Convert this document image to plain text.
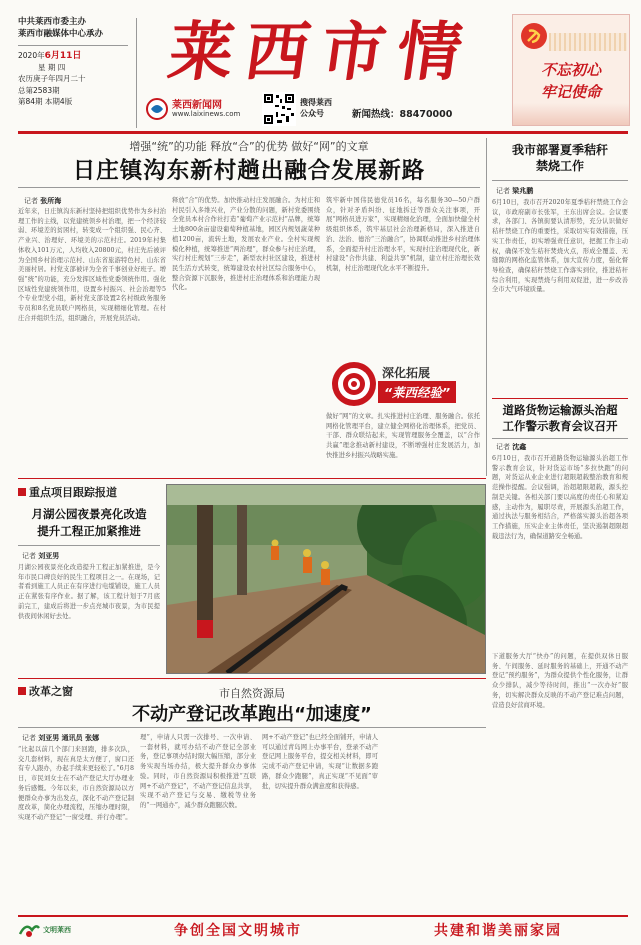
中共莱西市委主办
莱西市融媒体中心承办
2020年6月11日
星 期 四
农历庚子年四月二十
总第2583期
第84期 本期4版
莱西市情
莱西新闻网
www.laixinews.com
搜得莱西
公众号	新闻热线：88470000
不忘初心
牢记使命
增强“统”的功能 释放“合”的优势 做好“网”的文章
日庄镇沟东新村趟出融合发展新路
记者 张所海
近年来，日庄镇沟东新村坚持把组织优势作为乡村治理工作的主线，以党建统领乡村治理，把一个经济较弱、环境差的贫困村，转变成一个组织强、民心齐、产业兴、治理好、环境美的示范村庄。2019年村集体收入101万元，人均收入20800元，村庄先后被评为全国乡村治理示范村、山东省旅游特色村、山东省美丽村居。村党支部被评为全省千事创业好班子。增强“统”的功能，充分发挥区域性党委领统作用。强化区域性党建统领作用，设置乡村振兴、社会治理等5个专业型党小组，新村党支部设置2名村级政务服务专员和8名党员联户网格员，实现精细化管理。在村庄合并组织生活，组织融合，开展党员活动。
释放“合”的优势。加快推动村庄发展融合。为村庄和村民引入多维兴业，产业分散的问题，新村党委围绕全党员本村合作社打造“葡萄产业示范村”品牌，统筹土地800余亩建设葡萄种植基地，园区内规划蔬菜种植1200亩，流转土地，发展农业产业。全村实现规模化种植，统筹推进“两治理”，群众参与村庄治理，实行村庄规划“三步走”，新型农村社区建设，推进村民生活方式转变，统筹建设农村社区综合服务中心，整合资源下沉服务，推进村庄治理体系和治理能力现代化。
筑牢新中国伟民德党员16名，每名服务30—50户群众，针对矛盾纠纷、征地拆迁等群众关注事项，开展“网格员进万家”，实现精细化治理，全面加快健全村级组织体系，筑牢基层社会治理新格局，深入推进自治、法治、德治“三治融合”，协调联动推进乡村治理体系，全面提升村庄治理水平，实现村庄治理现代化，新村建设“合作共建、利益共享”机制，建立村庄治理长效机制，村庄治理现代化水平不断提升。
深化拓展
“莱西经验”
做好“网”的文章。扎实推进村庄治理、服务融合。依托网格化管理平台，建立健全网格化治理体系，把党员、干部、群众联结起来，实现管理服务全覆盖，以“合作共赢”理念推动新村建设，不断增强村庄发展活力，加快推进乡村振兴战略实施。
我市部署夏季秸秆
禁烧工作
记者 梁兆鹏
6月10日，我市召开2020年夏季秸秆禁烧工作会议，市政府副市长张军，王东出席会议。会议要求，各部门、各镇街要认清形势，充分认识做好秸秆禁烧工作的重要性，采取切实有效措施，压实工作责任，切实增强责任意识，把握工作主动权，确保不发生秸秆焚烧火点，形成全覆盖、无缝隙的网格化监管体系，加大宣传力度，强化督导检查，确保秸秆禁烧工作落实到位，推进秸秆综合利用，实现禁烧与利用双促进，进一步改善全市大气环境质量。
道路货物运输源头治超
工作警示教育会议召开
记者 沈鑫
6月10日，我市召开道路货物运输源头治超工作警示教育会议，针对货运市场“多拉快跑”的问题，对货运从业企业进行超限超载整治教育和规范操作提醒。会议强调，治超超限超载，源头控制是关键。各相关部门要以高度的责任心和紧迫感，主动作为，履职尽责，开展源头治超工作，通过执法与服务相结合，严格落实源头治超各项工作措施，压实企业主体责任，坚决遏制超限超载违法行为，确保道路安全畅通。
重点项目跟踪报道
月湖公园夜景亮化改造
提升工程正加紧推进
记者 刘亚男
月湖公园夜景亮化改造提升工程正加紧推进，是今年市民口碑良好的民生工程项目之一。在现场，记者看到施工人员正在有序进行电缆铺设，施工人员正在紧张有序作业。据了解，该工程计划于7月底前完工，建成后将进一步点亮城市夜景，为市民提供夜间休闲好去处。
改革之窗	市自然资源局
不动产登记改革跑出“加速度”
记者 刘亚男 通讯员 张娜
“比起以前几个部门来回跑，排多次队，交几套材料，现在真是太方便了，窗口还有专人跟办，办起手续来更轻松了。”6月8日，市民刘女士在不动产登记大厅办理业务后感慨。今年以来，市自然资源局以方便群众办事为出发点，深化不动产登记制度改革，简化办理流程，压缩办理时限，实现不动产登记“一窗受理、并行办理”。
理”，申请人只需一次排号、一次申请、一套材料，就可办结不动产登记全部业务，登记事项办结时限大幅压缩，部分业务实现当场办结，极大提升群众办事体验。同时，市自然资源局积极推进“互联网+不动产登记”，不动产登记信息共享，实现不动产登记与交易、缴税等业务的“一网通办”，减少群众跑腿次数。
网+不动产登记”也已经全面铺开，申请人可以通过青岛网上办事平台，登录不动产登记网上服务平台，提交相关材料，即可完成不动产登记申请，实现“让数据多跑路，群众少跑腿”，真正实现“不见面”审批，切实提升群众满意度和获得感。
下道服务大厅“快办”的问题，在提供双休日服务、午间服务、延时服务的基础上，开通不动产登记“预约服务”，为群众提供个性化服务，让群众少排队，减少等待时间，推出“一次办好”服务，切实解决群众反映的不动产登记难点问题，营造良好营商环境。
文明莱西	争创全国文明城市	共建和谐美丽家园
